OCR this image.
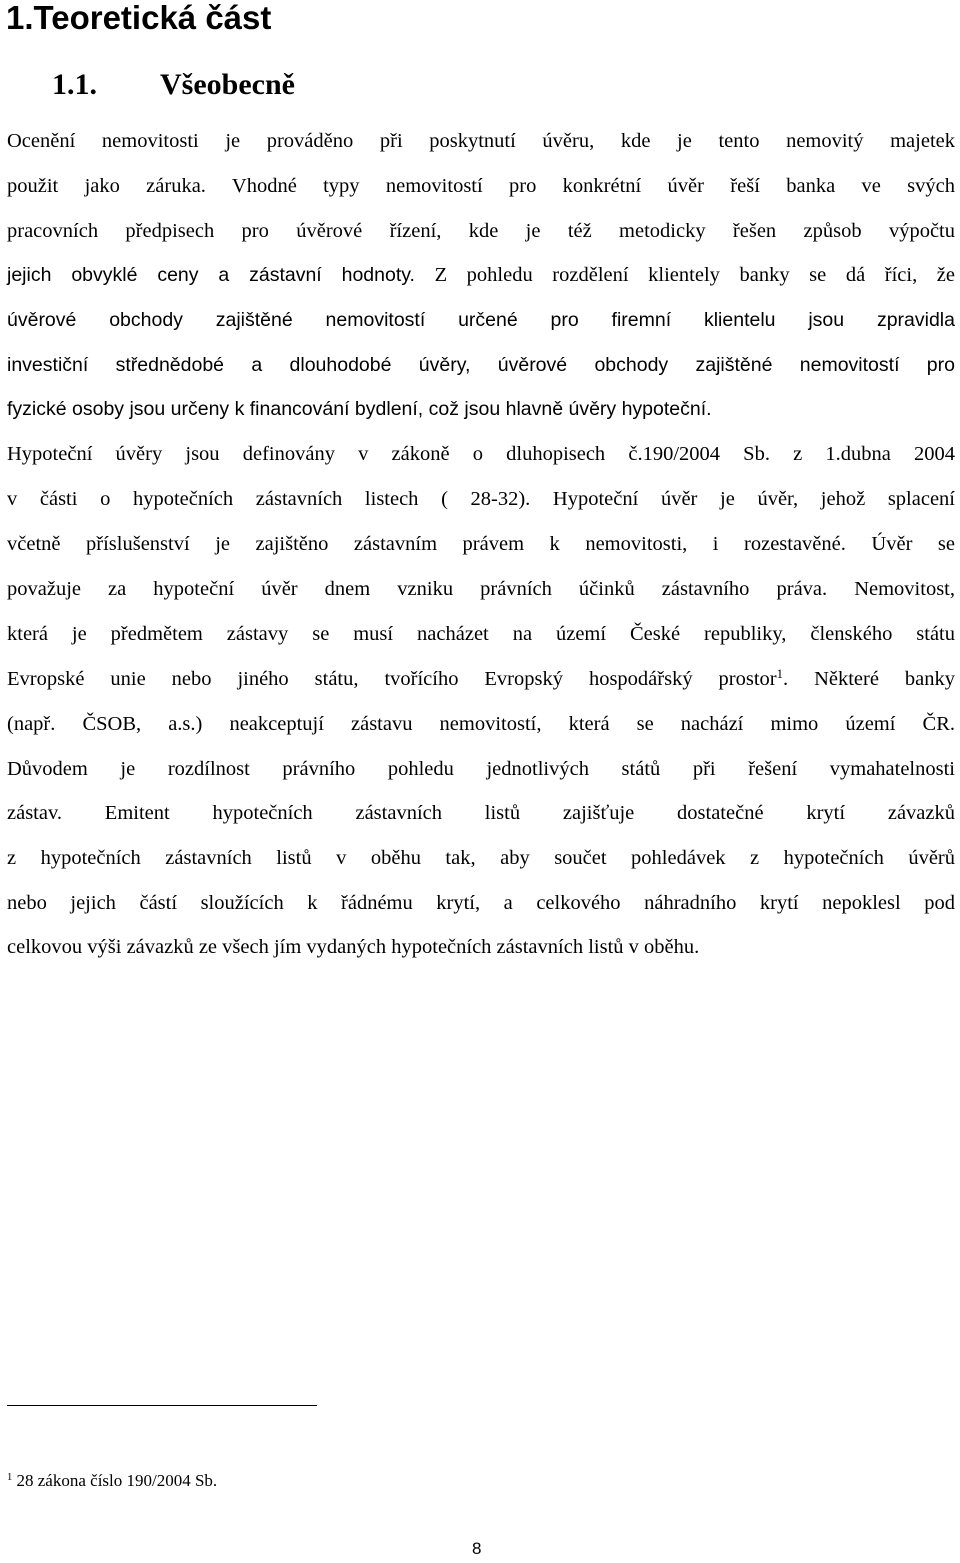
1.Teoretická část
1.1. Všeobecně

Ocenění nemovitosti je prováděno při poskytnutí úvěru, kde je tento nemovitý majetek

použit jako záruka. Vhodné typy nemovitostí pro konkrétní úvěr řeší banka ve svých

pracovních předpisech pro úvěrové řízení, kde je též metodicky řešen způsob výpočtu

jejich obvyklé ceny a zástavní hodnoty. Z pohledu rozdělení klientely banky se dá říci, že

úvěrové obchody zajištěné nemovitostí určené pro firemní klientelu jsou zpravidla

investiční střednědobé a dlouhodobé úvěry, úvěrové obchody zajištěné nemovitostí pro

fyzické osoby jsou určeny k financování bydlení, což jsou hlavně úvěry hypoteční.

Hypoteční úvěry jsou definovány v zákoně o dluhopisech č.190/2004 Sb. z 1.dubna 2004

v části o hypotečních zástavních listech ( 28-32). Hypoteční úvěr je úvěr, jehož splacení

včetně příslušenství je zajištěno zástavním právem k nemovitosti, i rozestavěné. Úvěr se

považuje za hypoteční úvěr dnem vzniku právních účinků zástavního práva. Nemovitost,

která je předmětem zástavy se musí nacházet na území České republiky, členského státu

Evropské unie nebo jiného státu, tvořícího Evropský hospodářský prostor$^1$. Některé banky

(např. ČSOB, a.s.) neakceptují zástavu nemovitostí, která se nachází mimo území ČR.

Důvodem je rozdílnost právního pohledu jednotlivých států při řešení vymahatelnosti

zástav. Emitent hypotečních zástavních listů zajišťuje dostatečné krytí závazků

z hypotečních zástavních listů v oběhu tak, aby součet pohledávek z hypotečních úvěrů

nebo jejich částí sloužících k řádnému krytí, a celkového náhradního krytí nepoklesl pod

celkovou výši závazků ze všech jím vydaných hypotečních zástavních listů v oběhu.

$^1$ 28 zákona číslo 190/2004 Sb.

8
